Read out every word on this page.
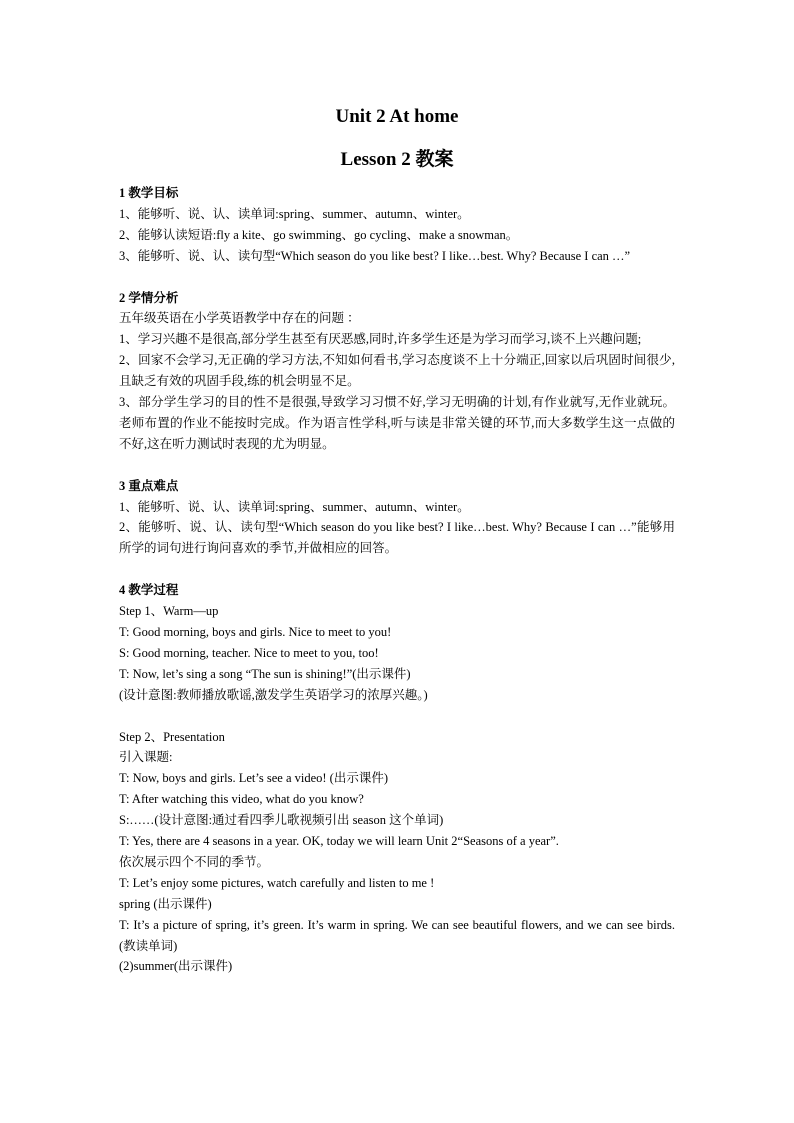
Unit 2 At home
Lesson 2 教案

1 教学目标

1、能够听、说、认、读单词:spring、summer、autumn、winter。

2、能够认读短语:fly a kite、go swimming、go cycling、make a snowman。

3、能够听、说、认、读句型“Which season do you like best? I like…best. Why? Because I can …”

2 学情分析

五年级英语在小学英语教学中存在的问题 ：

1、学习兴趣不是很高,部分学生甚至有厌恶感,同时,许多学生还是为学习而学习,谈不上兴趣问题;

2、回家不会学习,无正确的学习方法,不知如何看书,学习态度谈不上十分端正,回家以后巩固时间很少,且缺乏有效的巩固手段,练的机会明显不足。

3、部分学生学习的目的性不是很强,导致学习习惯不好,学习无明确的计划,有作业就写,无作业就玩。老师布置的作业不能按时完成。作为语言性学科,听与读是非常关键的环节,而大多数学生这一点做的不好,这在听力测试时表现的尤为明显。

3 重点难点

1、能够听、说、认、读单词:spring、summer、autumn、winter。

2、能够听、说、认、读句型“Which season do you like best? I like…best. Why? Because I can …”能够用所学的词句进行询问喜欢的季节,并做相应的回答。

4 教学过程

Step 1、Warm—up

T: Good morning, boys and girls. Nice to meet to you!

S: Good morning, teacher. Nice to meet to you, too!

T: Now, let’s sing a song “The sun is shining!”(出示课件)

(设计意图:教师播放歌谣,激发学生英语学习的浓厚兴趣。)

Step 2、Presentation

引入课题:

T: Now, boys and girls. Let’s see a video! (出示课件)

T: After watching this video, what do you know?

S:……(设计意图:通过看四季儿歌视频引出 season 这个单词)

T: Yes, there are 4 seasons in a year. OK, today we will learn Unit 2“Seasons of a year”.

依次展示四个不同的季节。

T: Let’s enjoy some pictures, watch carefully and listen to me !

spring (出示课件)

T: It’s a picture of spring, it’s green. It’s warm in spring. We can see beautiful flowers, and we can see birds. (教读单词)

(2)summer(出示课件)
